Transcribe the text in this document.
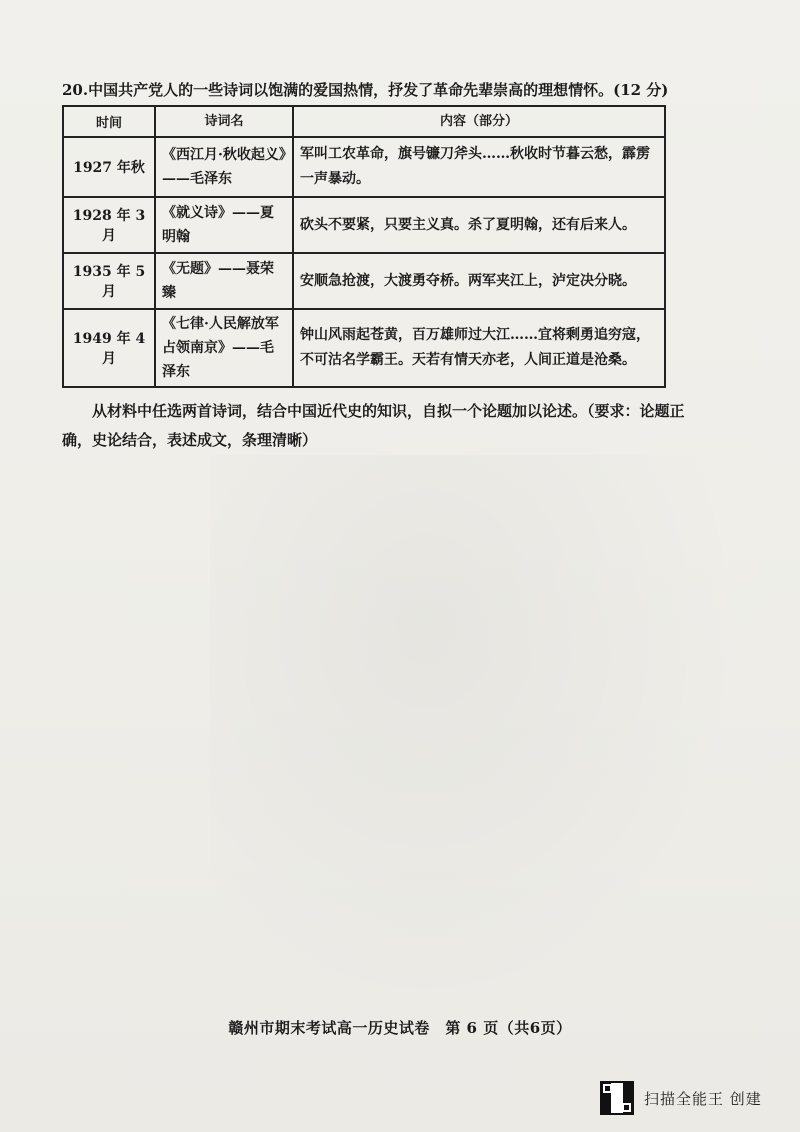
20.中国共产党人的一些诗词以饱满的爱国热情，抒发了革命先辈崇高的理想情怀。(12 分)
时间	诗词名	内容（部分）
1927 年秋	《西江月·秋收起义》——毛泽东	军叫工农革命，旗号镰刀斧头……秋收时节暮云愁，霹雳一声暴动。
1928 年 3 月	《就义诗》——夏明翰	砍头不要紧，只要主义真。杀了夏明翰，还有后来人。
1935 年 5 月	《无题》——聂荣臻	安顺急抢渡，大渡勇夺桥。两军夹江上，泸定决分晓。
1949 年 4 月	《七律·人民解放军占领南京》——毛泽东	钟山风雨起苍黄，百万雄师过大江……宜将剩勇追穷寇，不可沽名学霸王。天若有情天亦老，人间正道是沧桑。
从材料中任选两首诗词，结合中国近代史的知识，自拟一个论题加以论述。（要求：论题正确，史论结合，表述成文，条理清晰）
赣州市期末考试高一历史试卷　第 6 页（共6页）
扫描全能王 创建
